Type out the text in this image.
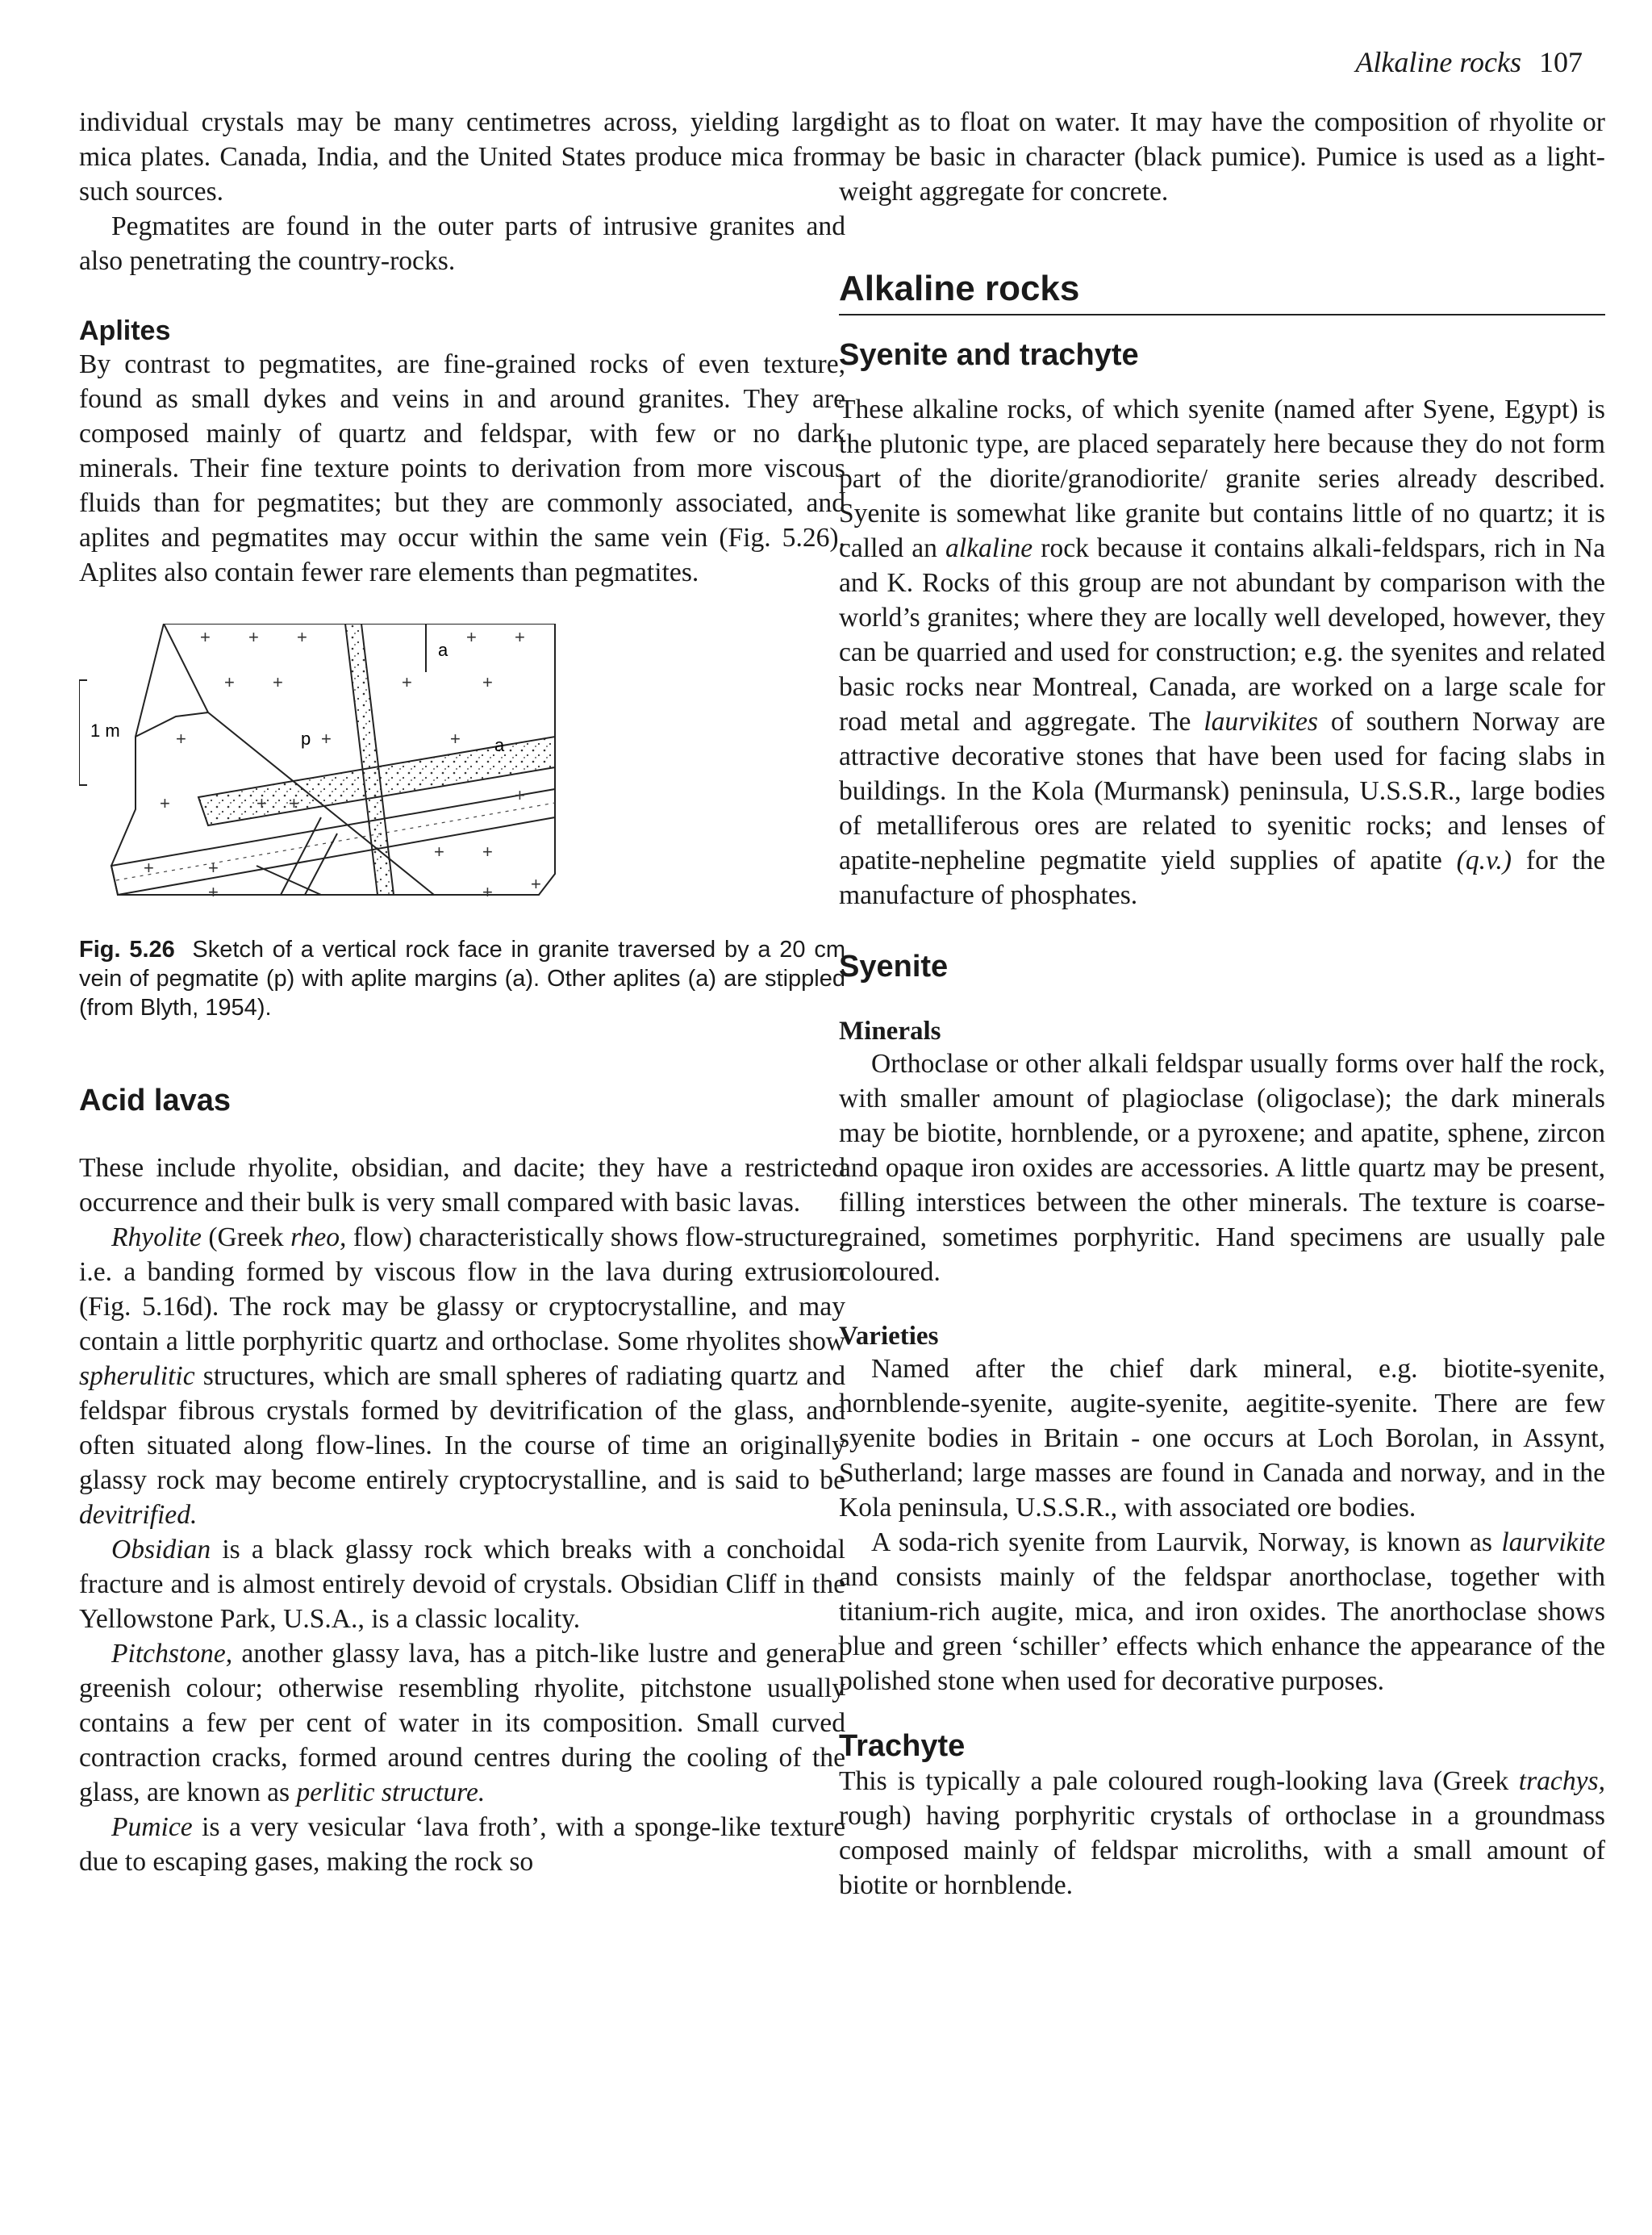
Alkaline rocks 107

individual crystals may be many centimetres across, yielding large mica plates. Canada, India, and the United States produce mica from such sources.

Pegmatites are found in the outer parts of intrusive granites and also penetrating the country-rocks.

Aplites

By contrast to pegmatites, are fine-grained rocks of even texture, found as small dykes and veins in and around granites. They are composed mainly of quartz and feldspar, with few or no dark minerals. Their fine texture points to derivation from more viscous fluids than for pegmatites; but they are commonly associated, and aplites and pegmatites may occur within the same vein (Fig. 5.26). Aplites also contain fewer rare elements than pegmatites.

1 m
+ + +	+ +
+ +	+	+
+	+	+
+	+ +	+
+	+
+ +
+	+ +
a
p	a

Fig. 5.26 Sketch of a vertical rock face in granite traversed by a 20 cm vein of pegmatite (p) with aplite margins (a). Other aplites (a) are stippled (from Blyth, 1954).

Acid lavas

These include rhyolite, obsidian, and dacite; they have a restricted occurrence and their bulk is very small compared with basic lavas.

Rhyolite (Greek rheo, flow) characteristically shows flow-structure, i.e. a banding formed by viscous flow in the lava during extrusion (Fig. 5.16d). The rock may be glassy or cryptocrystalline, and may contain a little porphyritic quartz and orthoclase. Some rhyolites show spherulitic structures, which are small spheres of radiating quartz and feldspar fibrous crystals formed by devitrification of the glass, and often situated along flow-lines. In the course of time an originally glassy rock may become entirely cryptocrystalline, and is said to be devitrified.

Obsidian is a black glassy rock which breaks with a conchoidal fracture and is almost entirely devoid of crystals. Obsidian Cliff in the Yellowstone Park, U.S.A., is a classic locality.

Pitchstone, another glassy lava, has a pitch-like lustre and general greenish colour; otherwise resembling rhyolite, pitchstone usually contains a few per cent of water in its composition. Small curved contraction cracks, formed around centres during the cooling of the glass, are known as perlitic structure.

Pumice is a very vesicular ‘lava froth’, with a sponge-like texture due to escaping gases, making the rock so

light as to float on water. It may have the composition of rhyolite or may be basic in character (black pumice). Pumice is used as a light-weight aggregate for concrete.

Alkaline rocks
Syenite and trachyte

These alkaline rocks, of which syenite (named after Syene, Egypt) is the plutonic type, are placed separately here because they do not form part of the diorite/granodiorite/ granite series already described. Syenite is somewhat like granite but contains little of no quartz; it is called an alkaline rock because it contains alkali-feldspars, rich in Na and K. Rocks of this group are not abundant by comparison with the world’s granites; where they are locally well developed, however, they can be quarried and used for construction; e.g. the syenites and related basic rocks near Montreal, Canada, are worked on a large scale for road metal and aggregate. The laurvikites of southern Norway are attractive decorative stones that have been used for facing slabs in buildings. In the Kola (Murmansk) peninsula, U.S.S.R., large bodies of metalliferous ores are related to syenitic rocks; and lenses of apatite-nepheline pegmatite yield supplies of apatite (q.v.) for the manufacture of phosphates.

Syenite
Minerals

Orthoclase or other alkali feldspar usually forms over half the rock, with smaller amount of plagioclase (oligoclase); the dark minerals may be biotite, hornblende, or a pyroxene; and apatite, sphene, zircon and opaque iron oxides are accessories. A little quartz may be present, filling interstices between the other minerals. The texture is coarse-grained, sometimes porphyritic. Hand specimens are usually pale coloured.

Varieties

Named after the chief dark mineral, e.g. biotite-syenite, hornblende-syenite, augite-syenite, aegitite-syenite. There are few syenite bodies in Britain - one occurs at Loch Borolan, in Assynt, Sutherland; large masses are found in Canada and norway, and in the Kola peninsula, U.S.S.R., with associated ore bodies.

A soda-rich syenite from Laurvik, Norway, is known as laurvikite and consists mainly of the feldspar anorthoclase, together with titanium-rich augite, mica, and iron oxides. The anorthoclase shows blue and green ‘schiller’ effects which enhance the appearance of the polished stone when used for decorative purposes.

Trachyte

This is typically a pale coloured rough-looking lava (Greek trachys, rough) having porphyritic crystals of orthoclase in a groundmass composed mainly of feldspar microliths, with a small amount of biotite or hornblende.
